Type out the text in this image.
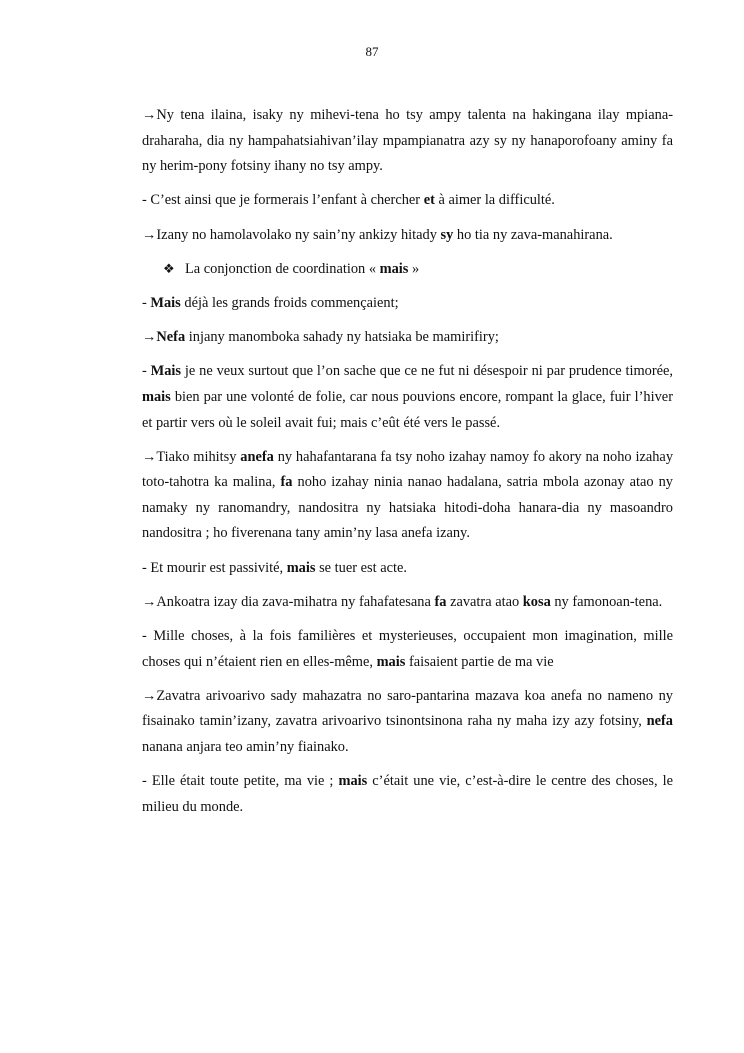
87

→Ny tena ilaina, isaky ny mihevi-tena ho tsy ampy talenta na hakingana ilay mpiana-draharaha, dia ny hampahatsiahivan’ilay mpampianatra azy sy ny hanaporofoany aminy fa ny herim-pony fotsiny ihany no tsy ampy.

- C’est ainsi que je formerais l’enfant à chercher et à aimer la difficulté.

→Izany no hamolavolako ny sain’ny ankizy hitady sy ho tia ny zava-manahirana.

❖ La conjonction de coordination « mais »

- Mais déjà les grands froids commençaient;

→Nefa injany manomboka sahady ny hatsiaka be mamirifiry;

- Mais je ne veux surtout que l’on sache que ce ne fut ni désespoir ni par prudence timorée, mais bien par une volonté de folie, car nous pouvions encore, rompant la glace, fuir l’hiver et partir vers où le soleil avait fui; mais c’eût été vers le passé.

→Tiako mihitsy anefa ny hahafantarana fa tsy noho izahay namoy fo akory na noho izahay toto-tahotra ka malina, fa noho izahay ninia nanao hadalana, satria mbola azonay atao ny namaky ny ranomandry, nandositra ny hatsiaka hitodi-doha hanara-dia ny masoandro nandositra ; ho fiverenana tany amin’ny lasa anefa izany.

- Et mourir est passivité, mais se tuer est acte.

→Ankoatra izay dia zava-mihatra ny fahafatesana fa zavatra atao kosa ny famonoan-tena.

- Mille choses, à la fois familières et mysterieuses, occupaient mon imagination, mille choses qui n’étaient rien en elles-même, mais faisaient partie de ma vie

→Zavatra arivoarivo sady mahazatra no saro-pantarina mazava koa anefa no nameno ny fisainako tamin’izany, zavatra arivoarivo tsinontsinona raha ny maha izy azy fotsiny, nefa nanana anjara teo amin’ny fiainako.

- Elle était toute petite, ma vie ; mais c’était une vie, c’est-à-dire le centre des choses, le milieu du monde.
